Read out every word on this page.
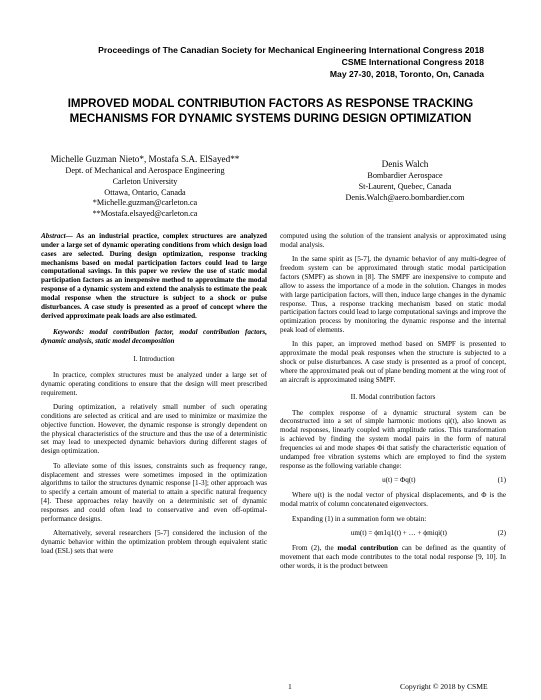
Proceedings of The Canadian Society for Mechanical Engineering International Congress 2018
CSME International Congress 2018
May 27-30, 2018, Toronto, On, Canada
IMPROVED MODAL CONTRIBUTION FACTORS AS RESPONSE TRACKING
MECHANISMS FOR DYNAMIC SYSTEMS DURING DESIGN OPTIMIZATION
Michelle Guzman Nieto*, Mostafa S.A. ElSayed**
Dept. of Mechanical and Aerospace Engineering
Carleton University
Ottawa, Ontario, Canada
*Michelle.guzman@carleton.ca
**Mostafa.elsayed@carleton.ca
Denis Walch
Bombardier Aerospace
St-Laurent, Quebec, Canada
Denis.Walch@aero.bombardier.com

Abstract— As an industrial practice, complex structures are analyzed under a large set of dynamic operating conditions from which design load cases are selected. During design optimization, response tracking mechanisms based on modal participation factors could lead to large computational savings. In this paper we review the use of static modal participation factors as an inexpensive method to approximate the modal response of a dynamic system and extend the analysis to estimate the peak modal response when the structure is subject to a shock or pulse disturbances. A case study is presented as a proof of concept where the derived approximate peak loads are also estimated.

Keywords: modal contribution factor, modal contribution factors, dynamic analysis, static model decomposition

I. Introduction

In practice, complex structures must be analyzed under a large set of dynamic operating conditions to ensure that the design will meet prescribed requirement.

During optimization, a relatively small number of such operating conditions are selected as critical and are used to minimize or maximize the objective function. However, the dynamic response is strongly dependent on the physical characteristics of the structure and thus the use of a deterministic set may lead to unexpected dynamic behaviors during different stages of design optimization.

To alleviate some of this issues, constraints such as frequency range, displacement and stresses were sometimes imposed in the optimization algorithms to tailor the structures dynamic response [1-3]; other approach was to specify a certain amount of material to attain a specific natural frequency [4]. These approaches relay heavily on a deterministic set of dynamic responses and could often lead to conservative and even off-optimal-performance designs.

Alternatively, several researchers [5-7] considered the inclusion of the dynamic behavior within the optimization problem through equivalent static load (ESL) sets that were

computed using the solution of the transient analysis or approximated using modal analysis.

In the same spirit as [5-7], the dynamic behavior of any multi-degree of freedom system can be approximated through static modal participation factors (SMPF) as shown in [8]. The SMPF are inexpensive to compute and allow to assess the importance of a mode in the solution. Changes in modes with large participation factors, will then, induce large changes in the dynamic response. Thus, a response tracking mechanism based on static modal participation factors could lead to large computational savings and improve the optimization process by monitoring the dynamic response and the internal peak load of elements.

In this paper, an improved method based on SMPF is presented to approximate the modal peak responses when the structure is subjected to a shock or pulse disturbances. A case study is presented as a proof of concept, where the approximated peak out of plane bending moment at the wing root of an aircraft is approximated using SMPF.

II. Modal contribution factors

The complex response of a dynamic structural system can be deconstructed into a set of simple harmonic motions qi(t), also known as modal responses, linearly coupled with amplitude ratios. This transformation is achieved by finding the system modal pairs in the form of natural frequencies ωi and mode shapes Φi that satisfy the characteristic equation of undamped free vibration systems which are employed to find the system response as the following variable change:

u(t) = Φq(t)	(1)

Where u(t) is the nodal vector of physical displacements, and Φ is the modal matrix of column concatenated eigenvectors.

Expanding (1) in a summation form we obtain:

um(t) = ϕm1q1(t) + … + ϕmiqi(t)	(2)

From (2), the modal contribution can be defined as the quantity of movement that each mode contributes to the total nodal response [9, 10]. In other words, it is the product between

1	Copyright © 2018 by CSME
